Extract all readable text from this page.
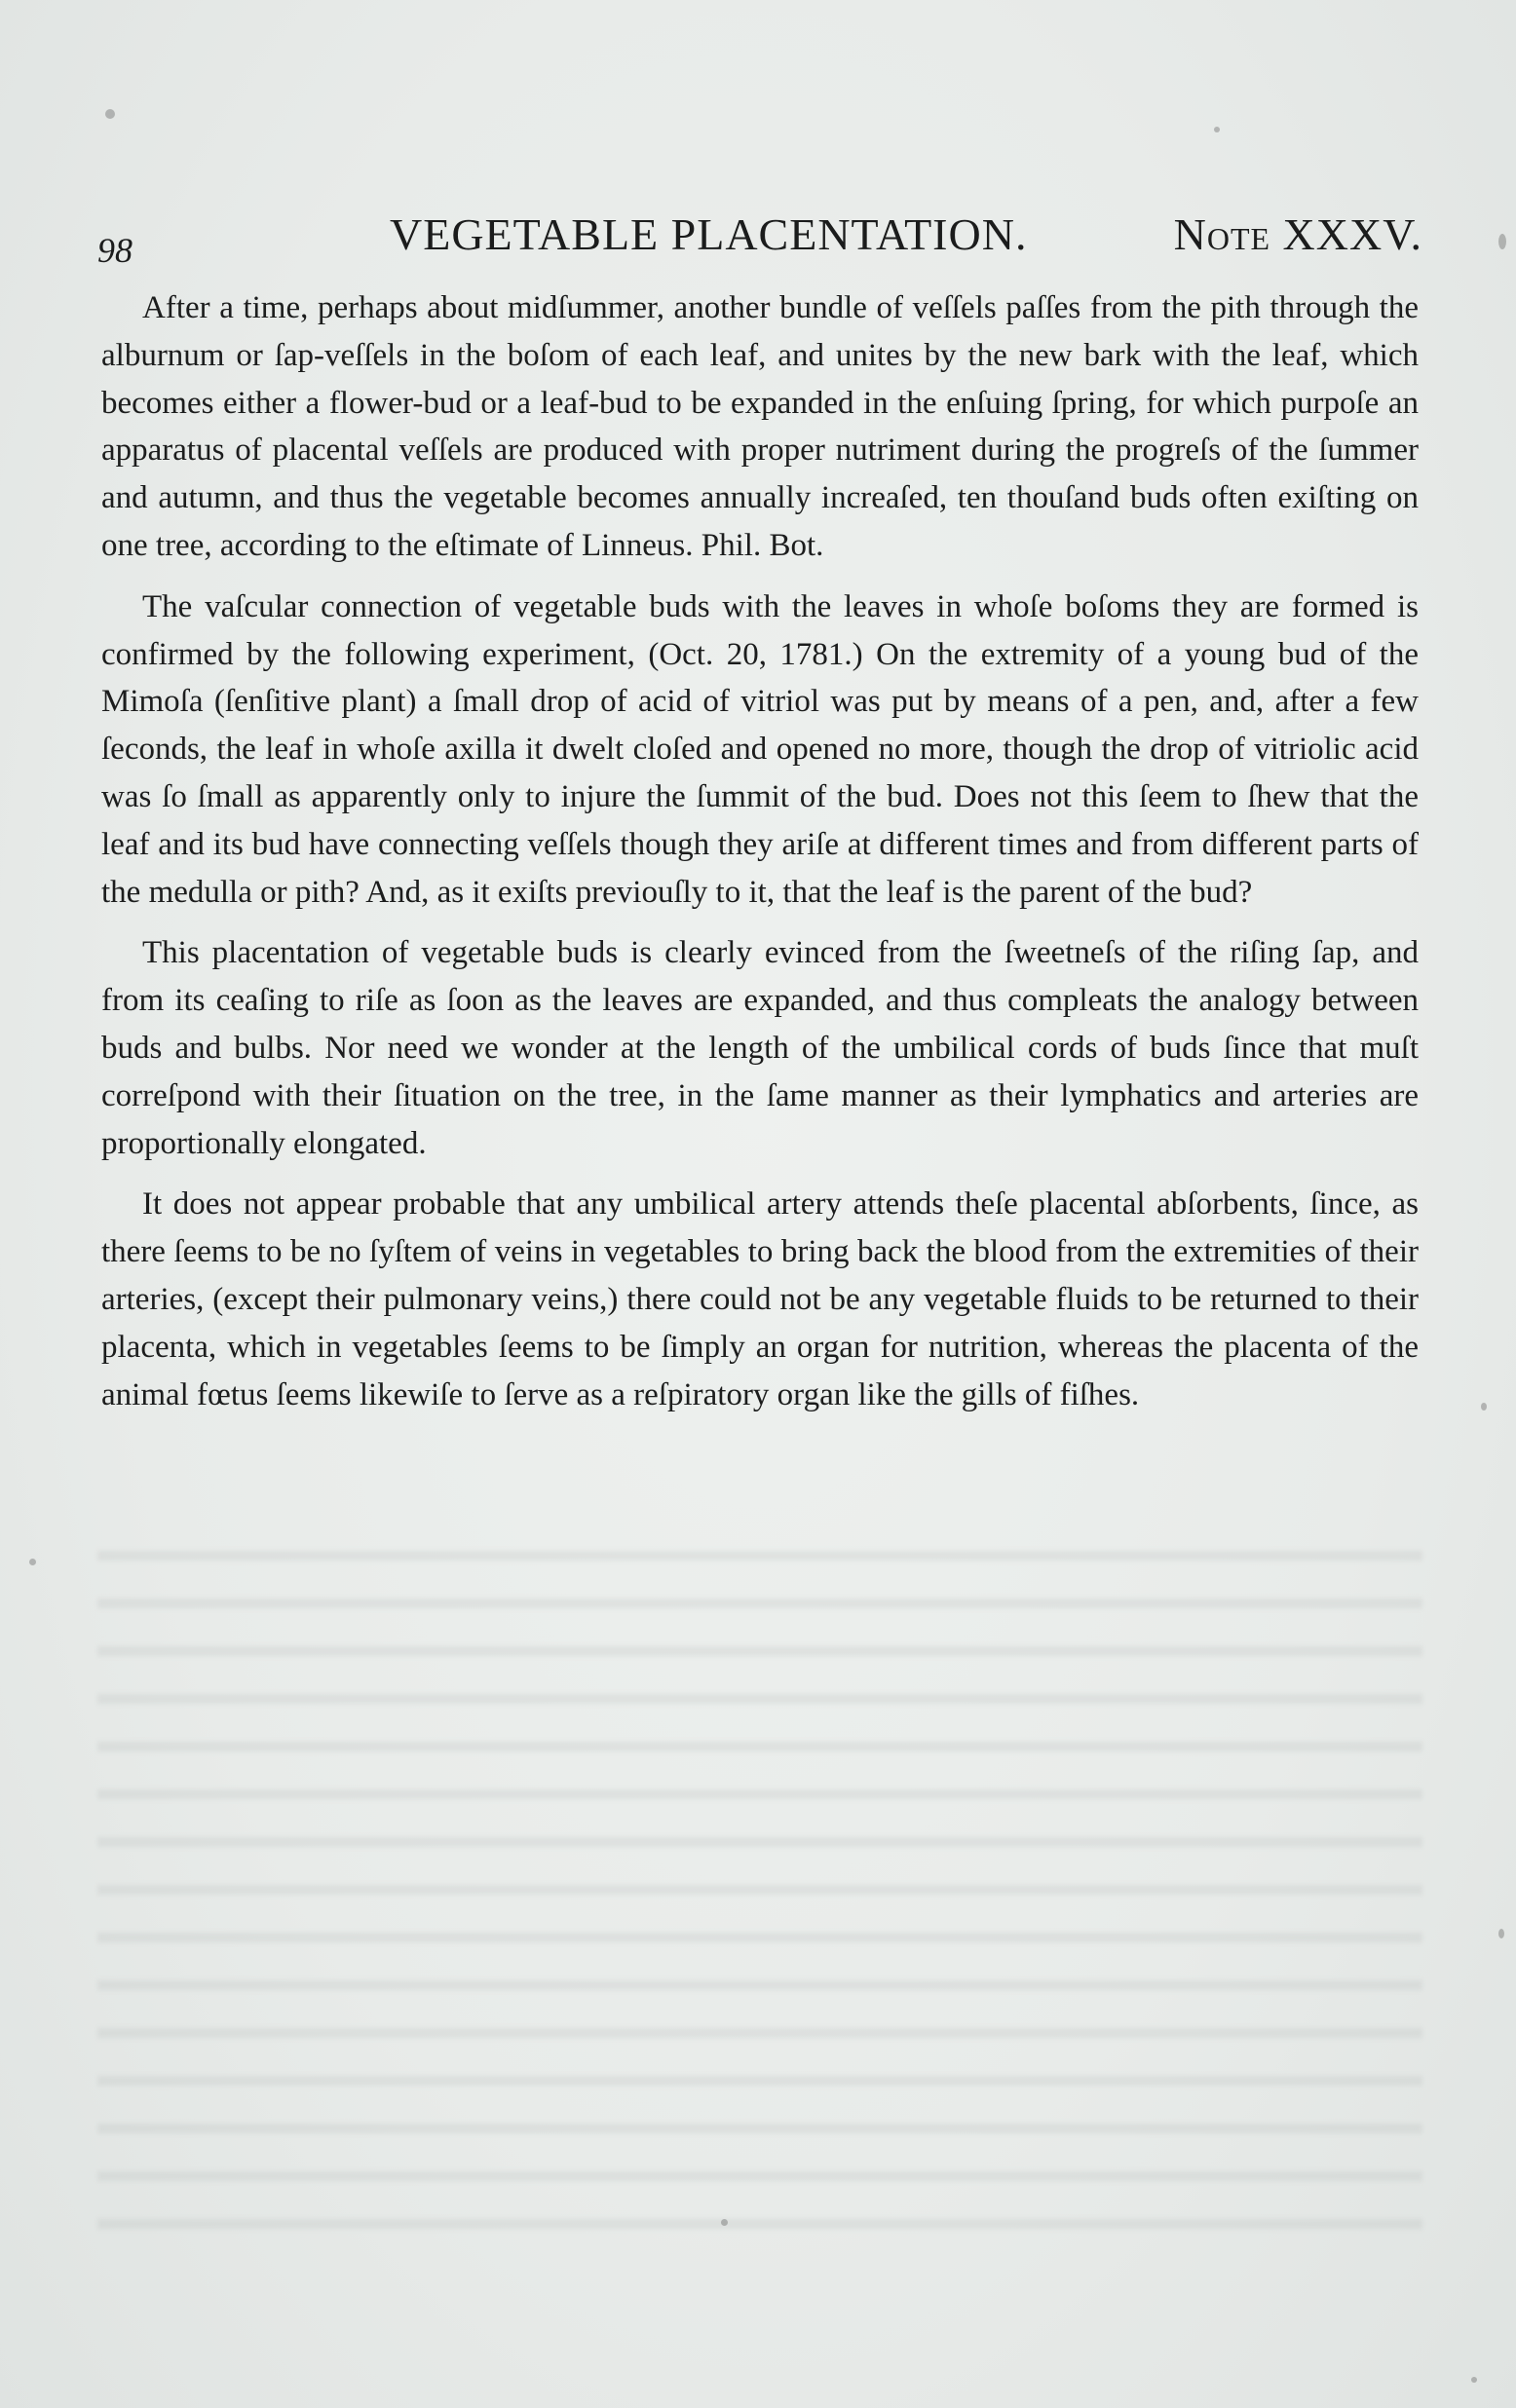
98	VEGETABLE PLACENTATION.	Note XXXV.

After a time, perhaps about midſummer, another bundle of veſſels paſſes from the pith through the alburnum or ſap-veſſels in the boſom of each leaf, and unites by the new bark with the leaf, which becomes either a flower-bud or a leaf-bud to be expanded in the enſuing ſpring, for which purpoſe an apparatus of placental veſſels are produced with proper nutriment during the progreſs of the ſummer and autumn, and thus the vegetable becomes annually increaſed, ten thouſand buds often exiſting on one tree, according to the eſtimate of Linneus. Phil. Bot.

The vaſcular connection of vegetable buds with the leaves in whoſe boſoms they are formed is confirmed by the following experiment, (Oct. 20, 1781.) On the extremity of a young bud of the Mimoſa (ſenſitive plant) a ſmall drop of acid of vitriol was put by means of a pen, and, after a few ſeconds, the leaf in whoſe axilla it dwelt cloſed and opened no more, though the drop of vitriolic acid was ſo ſmall as apparently only to injure the ſummit of the bud. Does not this ſeem to ſhew that the leaf and its bud have connecting veſſels though they ariſe at different times and from different parts of the medulla or pith? And, as it exiſts previouſly to it, that the leaf is the parent of the bud?

This placentation of vegetable buds is clearly evinced from the ſweetneſs of the riſing ſap, and from its ceaſing to riſe as ſoon as the leaves are expanded, and thus compleats the analogy between buds and bulbs. Nor need we wonder at the length of the umbilical cords of buds ſince that muſt correſpond with their ſituation on the tree, in the ſame manner as their lymphatics and arteries are proportionally elongated.

It does not appear probable that any umbilical artery attends theſe placental abſorbents, ſince, as there ſeems to be no ſyſtem of veins in vegetables to bring back the blood from the extremities of their arteries, (except their pulmonary veins,) there could not be any vegetable fluids to be returned to their placenta, which in vegetables ſeems to be ſimply an organ for nutrition, whereas the placenta of the animal fœtus ſeems likewiſe to ſerve as a reſpiratory organ like the gills of fiſhes.
